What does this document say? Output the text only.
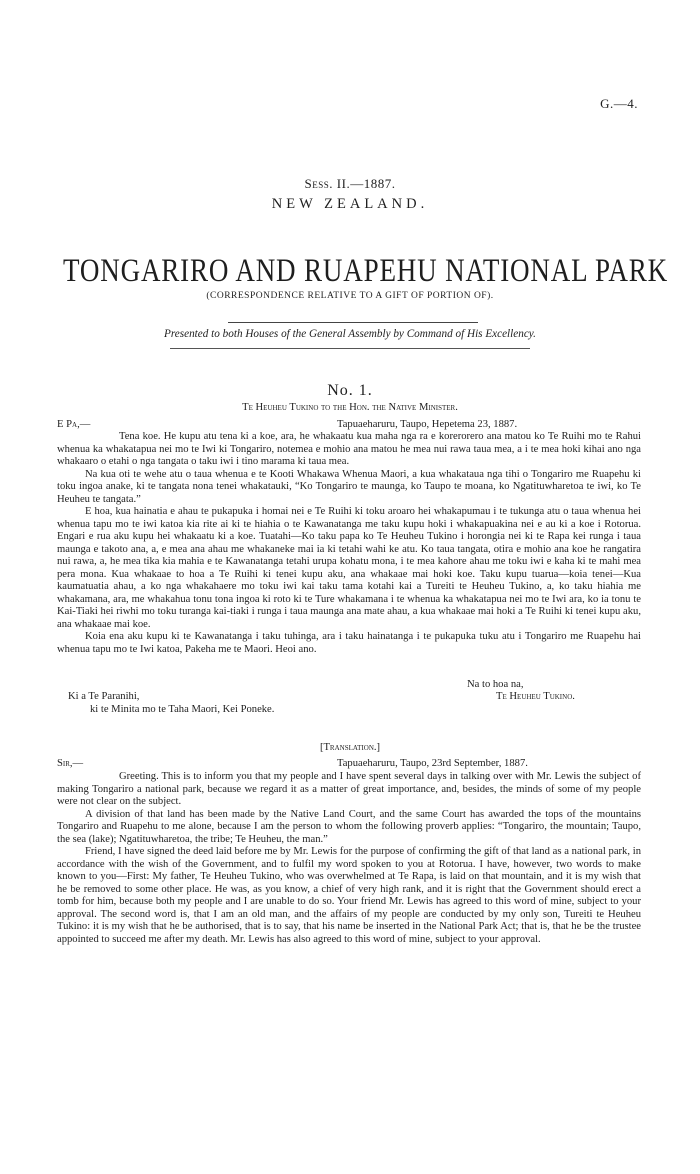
G.—4.
Sess. II.—1887.
NEW ZEALAND.
TONGARIRO AND RUAPEHU NATIONAL PARK
(CORRESPONDENCE RELATIVE TO A GIFT OF PORTION OF).
Presented to both Houses of the General Assembly by Command of His Excellency.
No. 1.
Te Heuheu Tukino to the Hon. the Native Minister.
E Pa,—	Tapuaeharuru, Taupo, Hepetema 23, 1887.

Tena koe. He kupu atu tena ki a koe, ara, he whakaatu kua maha nga ra e korerorero ana matou ko Te Ruihi mo te Rahui whenua ka whakatapua nei mo te Iwi ki Tongariro, notemea e mohio ana matou he mea nui rawa taua mea, a i te mea hoki kihai ano nga whakaaro o etahi o nga tangata o taku iwi i tino marama ki taua mea.

Na kua oti te wehe atu o taua whenua e te Kooti Whakawa Whenua Maori, a kua whakataua nga tihi o Tongariro me Ruapehu ki toku ingoa anake, ki te tangata nona tenei whakatauki, “Ko Tongariro te maunga, ko Taupo te moana, ko Ngatituwharetoa te iwi, ko Te Heuheu te tangata.”

E hoa, kua hainatia e ahau te pukapuka i homai nei e Te Ruihi ki toku aroaro hei whakapumau i te tukunga atu o taua whenua hei whenua tapu mo te iwi katoa kia rite ai ki te hiahia o te Kawanatanga me taku kupu hoki i whakapuakina nei e au ki a koe i Rotorua. Engari e rua aku kupu hei whakaatu ki a koe. Tuatahi—Ko taku papa ko Te Heuheu Tukino i horongia nei ki te Rapa kei runga i taua maunga e takoto ana, a, e mea ana ahau me whakaneke mai ia ki tetahi wahi ke atu. Ko taua tangata, otira e mohio ana koe he rangatira nui rawa, a, he mea tika kia mahia e te Kawanatanga tetahi urupa kohatu mona, i te mea kahore ahau me toku iwi e kaha ki te mahi mea pera mona. Kua whakaae to hoa a Te Ruihi ki tenei kupu aku, ana whakaae mai hoki koe. Taku kupu tuarua—koia tenei—Kua kaumatuatia ahau, a ko nga whakahaere mo toku iwi kai taku tama kotahi kai a Tureiti te Heuheu Tukino, a, ko taku hiahia me whakamana, ara, me whakahua tonu tona ingoa ki roto ki te Ture whakamana i te whenua ka whakatapua nei mo te Iwi ara, ko ia tonu te Kai-Tiaki hei riwhi mo toku turanga kai-tiaki i runga i taua maunga ana mate ahau, a kua whakaae mai hoki a Te Ruihi ki tenei kupu aku, ana whakaae mai koe.

Koia ena aku kupu ki te Kawanatanga i taku tuhinga, ara i taku hainatanga i te pukapuka tuku atu i Tongariro me Ruapehu hai whenua tapu mo te Iwi katoa, Pakeha me te Maori. Heoi ano.

Na to hoa na,
Ki a Te Paranihi,	Te Heuheu Tukino.
ki te Minita mo te Taha Maori, Kei Poneke.
[Translation.]
Sir,—	Tapuaeharuru, Taupo, 23rd September, 1887.

Greeting. This is to inform you that my people and I have spent several days in talking over with Mr. Lewis the subject of making Tongariro a national park, because we regard it as a matter of great importance, and, besides, the minds of some of my people were not clear on the subject.

A division of that land has been made by the Native Land Court, and the same Court has awarded the tops of the mountains Tongariro and Ruapehu to me alone, because I am the person to whom the following proverb applies: “Tongariro, the mountain; Taupo, the sea (lake); Ngatituwharetoa, the tribe; Te Heuheu, the man.”

Friend, I have signed the deed laid before me by Mr. Lewis for the purpose of confirming the gift of that land as a national park, in accordance with the wish of the Government, and to fulfil my word spoken to you at Rotorua. I have, however, two words to make known to you—First: My father, Te Heuheu Tukino, who was overwhelmed at Te Rapa, is laid on that mountain, and it is my wish that he be removed to some other place. He was, as you know, a chief of very high rank, and it is right that the Government should erect a tomb for him, because both my people and I are unable to do so. Your friend Mr. Lewis has agreed to this word of mine, subject to your approval. The second word is, that I am an old man, and the affairs of my people are conducted by my only son, Tureiti te Heuheu Tukino: it is my wish that he be authorised, that is to say, that his name be inserted in the National Park Act; that is, that he be the trustee appointed to succeed me after my death. Mr. Lewis has also agreed to this word of mine, subject to your approval.
